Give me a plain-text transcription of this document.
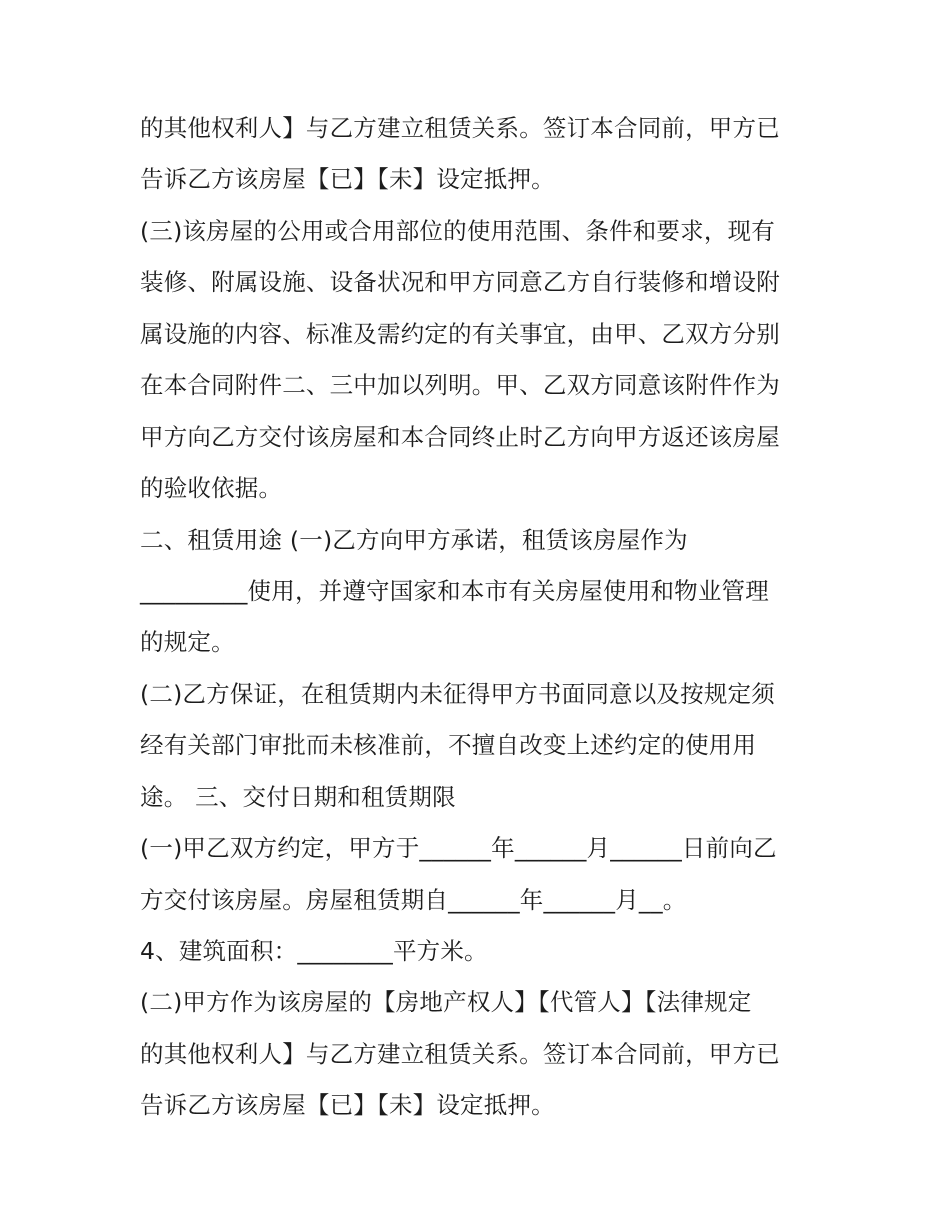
的其他权利人】与乙方建立租赁关系。签订本合同前，甲方已
告诉乙方该房屋【已】【未】设定抵押。
(三)该房屋的公用或合用部位的使用范围、条件和要求，现有
装修、附属设施、设备状况和甲方同意乙方自行装修和增设附
属设施的内容、标准及需约定的有关事宜，由甲、乙双方分别
在本合同附件二、三中加以列明。甲、乙双方同意该附件作为
甲方向乙方交付该房屋和本合同终止时乙方向甲方返还该房屋
的验收依据。
二、租赁用途 (一)乙方向甲方承诺，租赁该房屋作为
_________使用，并遵守国家和本市有关房屋使用和物业管理
的规定。
(二)乙方保证，在租赁期内未征得甲方书面同意以及按规定须
经有关部门审批而未核准前，不擅自改变上述约定的使用用
途。 三、交付日期和租赁期限
(一)甲乙双方约定，甲方于______年______月______日前向乙
方交付该房屋。房屋租赁期自______年______月__。
4、建筑面积：________平方米。
(二)甲方作为该房屋的【房地产权人】【代管人】【法律规定
的其他权利人】与乙方建立租赁关系。签订本合同前，甲方已
告诉乙方该房屋【已】【未】设定抵押。
